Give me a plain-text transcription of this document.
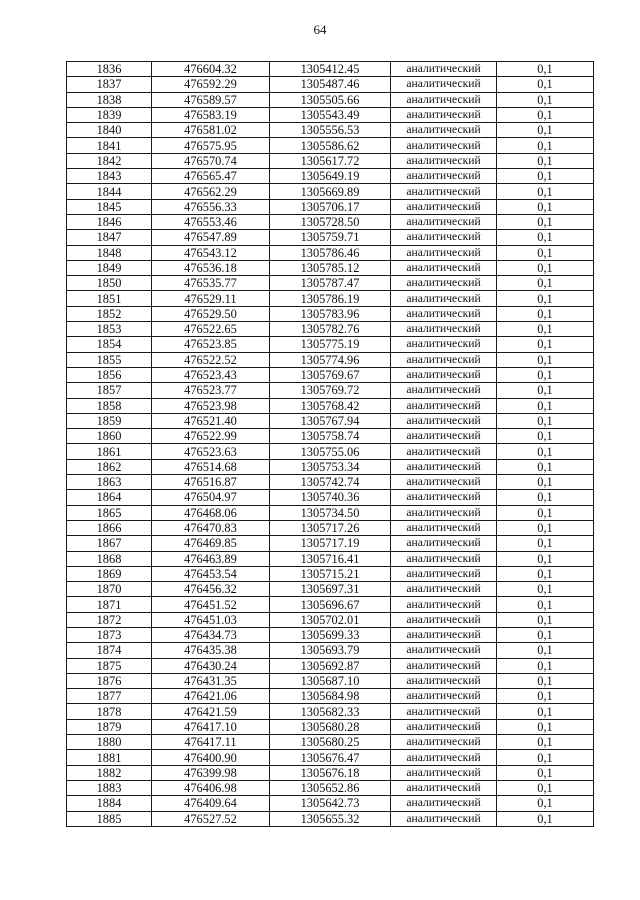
64
1836	476604.32	1305412.45	аналитический	0,1
1837	476592.29	1305487.46	аналитический	0,1
1838	476589.57	1305505.66	аналитический	0,1
1839	476583.19	1305543.49	аналитический	0,1
1840	476581.02	1305556.53	аналитический	0,1
1841	476575.95	1305586.62	аналитический	0,1
1842	476570.74	1305617.72	аналитический	0,1
1843	476565.47	1305649.19	аналитический	0,1
1844	476562.29	1305669.89	аналитический	0,1
1845	476556.33	1305706.17	аналитический	0,1
1846	476553.46	1305728.50	аналитический	0,1
1847	476547.89	1305759.71	аналитический	0,1
1848	476543.12	1305786.46	аналитический	0,1
1849	476536.18	1305785.12	аналитический	0,1
1850	476535.77	1305787.47	аналитический	0,1
1851	476529.11	1305786.19	аналитический	0,1
1852	476529.50	1305783.96	аналитический	0,1
1853	476522.65	1305782.76	аналитический	0,1
1854	476523.85	1305775.19	аналитический	0,1
1855	476522.52	1305774.96	аналитический	0,1
1856	476523.43	1305769.67	аналитический	0,1
1857	476523.77	1305769.72	аналитический	0,1
1858	476523.98	1305768.42	аналитический	0,1
1859	476521.40	1305767.94	аналитический	0,1
1860	476522.99	1305758.74	аналитический	0,1
1861	476523.63	1305755.06	аналитический	0,1
1862	476514.68	1305753.34	аналитический	0,1
1863	476516.87	1305742.74	аналитический	0,1
1864	476504.97	1305740.36	аналитический	0,1
1865	476468.06	1305734.50	аналитический	0,1
1866	476470.83	1305717.26	аналитический	0,1
1867	476469.85	1305717.19	аналитический	0,1
1868	476463.89	1305716.41	аналитический	0,1
1869	476453.54	1305715.21	аналитический	0,1
1870	476456.32	1305697.31	аналитический	0,1
1871	476451.52	1305696.67	аналитический	0,1
1872	476451.03	1305702.01	аналитический	0,1
1873	476434.73	1305699.33	аналитический	0,1
1874	476435.38	1305693.79	аналитический	0,1
1875	476430.24	1305692.87	аналитический	0,1
1876	476431.35	1305687.10	аналитический	0,1
1877	476421.06	1305684.98	аналитический	0,1
1878	476421.59	1305682.33	аналитический	0,1
1879	476417.10	1305680.28	аналитический	0,1
1880	476417.11	1305680.25	аналитический	0,1
1881	476400.90	1305676.47	аналитический	0,1
1882	476399.98	1305676.18	аналитический	0,1
1883	476406.98	1305652.86	аналитический	0,1
1884	476409.64	1305642.73	аналитический	0,1
1885	476527.52	1305655.32	аналитический	0,1
